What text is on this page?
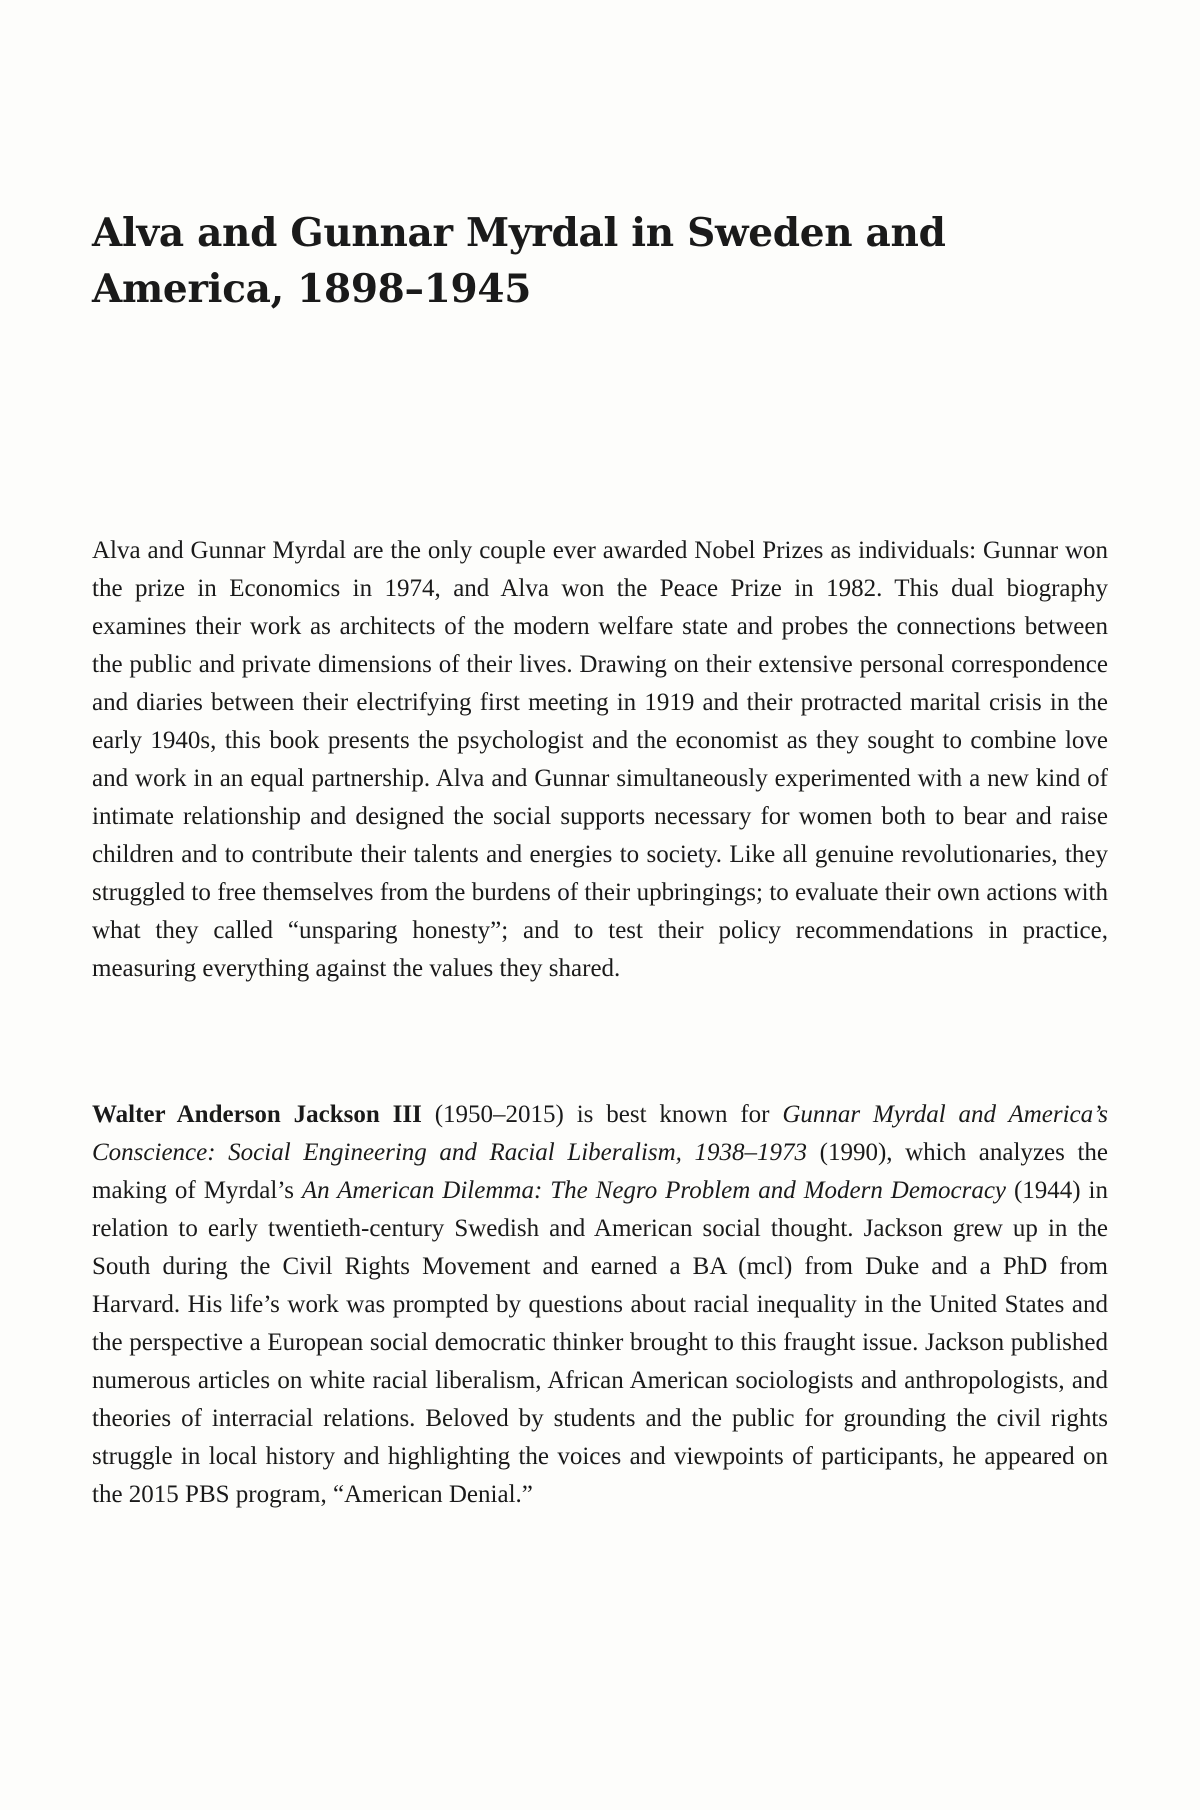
Alva and Gunnar Myrdal in Sweden and America, 1898–1945

Alva and Gunnar Myrdal are the only couple ever awarded Nobel Prizes as individuals: Gunnar won the prize in Economics in 1974, and Alva won the Peace Prize in 1982. This dual biography examines their work as architects of the modern welfare state and probes the connections between the public and private dimensions of their lives. Drawing on their extensive personal correspondence and diaries between their electrifying first meeting in 1919 and their protracted marital crisis in the early 1940s, this book presents the psychologist and the economist as they sought to combine love and work in an equal partnership. Alva and Gunnar simultaneously experimented with a new kind of intimate relationship and designed the social supports necessary for women both to bear and raise children and to contribute their talents and energies to society. Like all genuine revolutionaries, they struggled to free themselves from the burdens of their upbringings; to evaluate their own actions with what they called “unsparing honesty”; and to test their policy recommendations in practice, measuring everything against the values they shared.

Walter Anderson Jackson III (1950–2015) is best known for Gunnar Myrdal and America’s Conscience: Social Engineering and Racial Liberalism, 1938–1973 (1990), which analyzes the making of Myrdal’s An American Dilemma: The Negro Problem and Modern Democracy (1944) in relation to early twentieth-century Swedish and American social thought. Jackson grew up in the South during the Civil Rights Movement and earned a BA (mcl) from Duke and a PhD from Harvard. His life’s work was prompted by questions about racial inequality in the United States and the perspective a European social democratic thinker brought to this fraught issue. Jackson published numerous articles on white racial liberalism, African American sociologists and anthropologists, and theories of interracial relations. Beloved by students and the public for grounding the civil rights struggle in local history and highlighting the voices and viewpoints of participants, he appeared on the 2015 PBS program, “American Denial.”
